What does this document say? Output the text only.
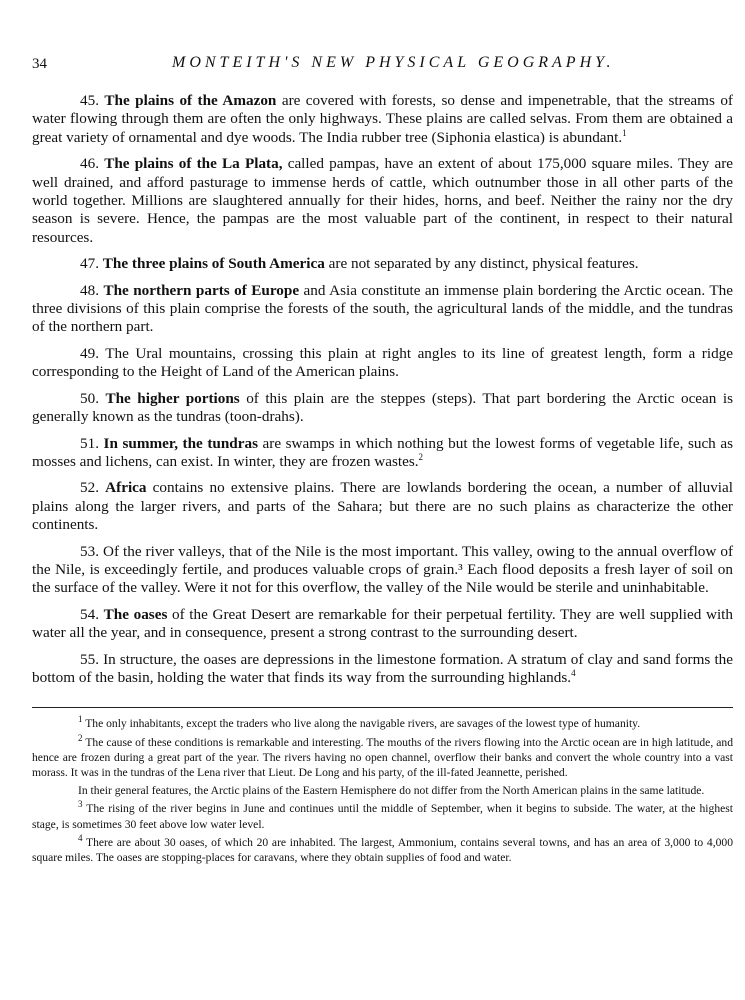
34	MONTEITH'S NEW PHYSICAL GEOGRAPHY.

45. The plains of the Amazon are covered with forests, so dense and impenetrable, that the streams of water flowing through them are often the only highways. These plains are called selvas. From them are obtained a great variety of ornamental and dye woods. The India rubber tree (Siphonia elastica) is abundant.$^1$

46. The plains of the La Plata, called pampas, have an extent of about 175,000 square miles. They are well drained, and afford pasturage to immense herds of cattle, which outnumber those in all other parts of the world together. Millions are slaughtered annually for their hides, horns, and beef. Neither the rainy nor the dry season is severe. Hence, the pampas are the most valuable part of the continent, in respect to their natural resources.

47. The three plains of South America are not separated by any distinct, physical features.

48. The northern parts of Europe and Asia constitute an immense plain bordering the Arctic ocean. The three divisions of this plain comprise the forests of the south, the agricultural lands of the middle, and the tundras of the northern part.

49. The Ural mountains, crossing this plain at right angles to its line of greatest length, form a ridge corresponding to the Height of Land of the American plains.

50. The higher portions of this plain are the steppes (steps). That part bordering the Arctic ocean is generally known as the tundras (toon-drahs).

51. In summer, the tundras are swamps in which nothing but the lowest forms of vegetable life, such as mosses and lichens, can exist. In winter, they are frozen wastes.$^2$

52. Africa contains no extensive plains. There are lowlands bordering the ocean, a number of alluvial plains along the larger rivers, and parts of the Sahara; but there are no such plains as characterize the other continents.

53. Of the river valleys, that of the Nile is the most important. This valley, owing to the annual overflow of the Nile, is exceedingly fertile, and produces valuable crops of grain.³ Each flood deposits a fresh layer of soil on the surface of the valley. Were it not for this overflow, the valley of the Nile would be sterile and uninhabitable.

54. The oases of the Great Desert are remarkable for their perpetual fertility. They are well supplied with water all the year, and in consequence, present a strong contrast to the surrounding desert.

55. In structure, the oases are depressions in the limestone formation. A stratum of clay and sand forms the bottom of the basin, holding the water that finds its way from the surrounding highlands.$^4$

$^1$ The only inhabitants, except the traders who live along the navigable rivers, are savages of the lowest type of humanity.

$^2$ The cause of these conditions is remarkable and interesting. The mouths of the rivers flowing into the Arctic ocean are in high latitude, and hence are frozen during a great part of the year. The rivers having no open channel, overflow their banks and convert the whole country into a vast morass. It was in the tundras of the Lena river that Lieut. De Long and his party, of the ill-fated Jeannette, perished.

In their general features, the Arctic plains of the Eastern Hemisphere do not differ from the North American plains in the same latitude.

$^3$ The rising of the river begins in June and continues until the middle of September, when it begins to subside. The water, at the highest stage, is sometimes 30 feet above low water level.

$^4$ There are about 30 oases, of which 20 are inhabited. The largest, Ammonium, contains several towns, and has an area of 3,000 to 4,000 square miles. The oases are stopping-places for caravans, where they obtain supplies of food and water.
